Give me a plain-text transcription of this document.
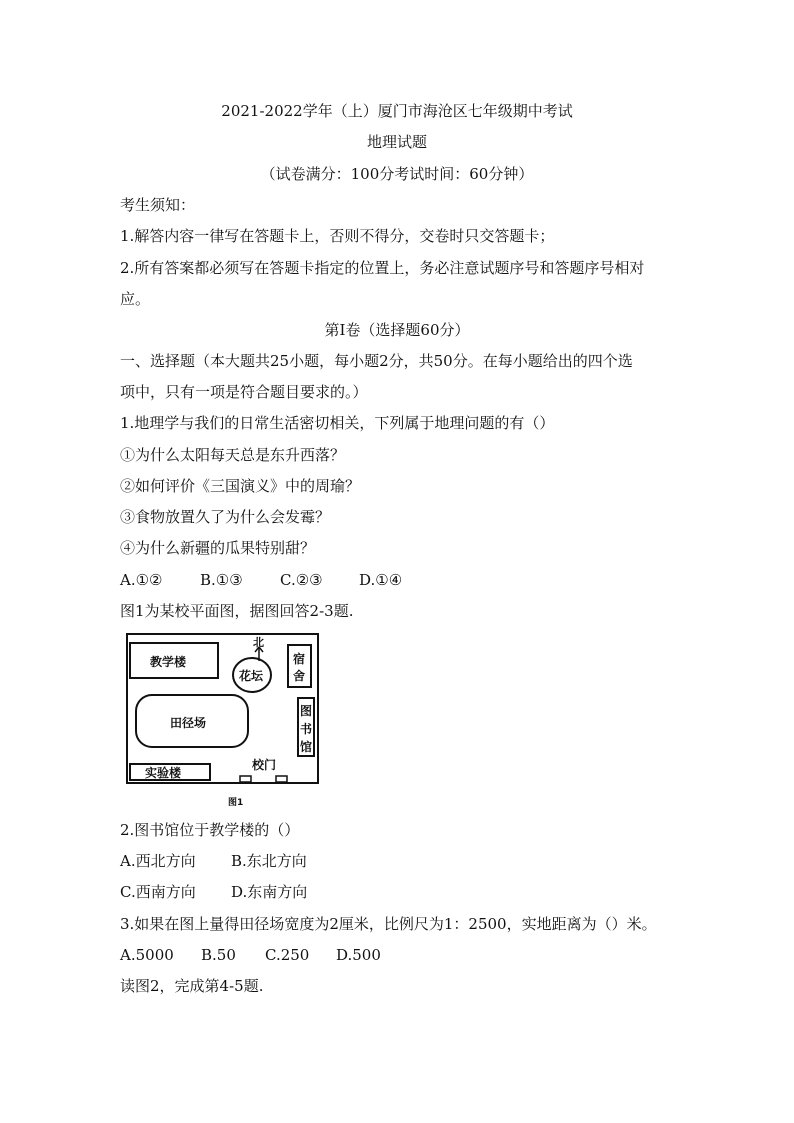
2021-2022学年（上）厦门市海沧区七年级期中考试
地理试题
（试卷满分：100分考试时间：60分钟）
考生须知：
1.解答内容一律写在答题卡上，否则不得分，交卷时只交答题卡；
2.所有答案都必须写在答题卡指定的位置上，务必注意试题序号和答题序号相对
应。
第Ⅰ卷（选择题60分）
一、选择题（本大题共25小题，每小题2分，共50分。在每小题给出的四个选
项中，只有一项是符合题目要求的。）
1.地理学与我们的日常生活密切相关，下列属于地理问题的有（）
①为什么太阳每天总是东升西落？
②如何评价《三国演义》中的周瑜？
③食物放置久了为什么会发霉？
④为什么新疆的瓜果特别甜？
A.①②	B.①③ C.②③ D.①④
图1为某校平面图，据图回答2-3题.
教学楼
北
花坛
宿
舍
田径场
图
书
馆
校门
实验楼
图1
2.图书馆位于教学楼的（）
A.西北方向 B.东北方向
C.西南方向 D.东南方向
3.如果在图上量得田径场宽度为2厘米，比例尺为1：2500，实地距离为（）米。
A.5000 B.50 C.250 D.500
读图2，完成第4-5题.
